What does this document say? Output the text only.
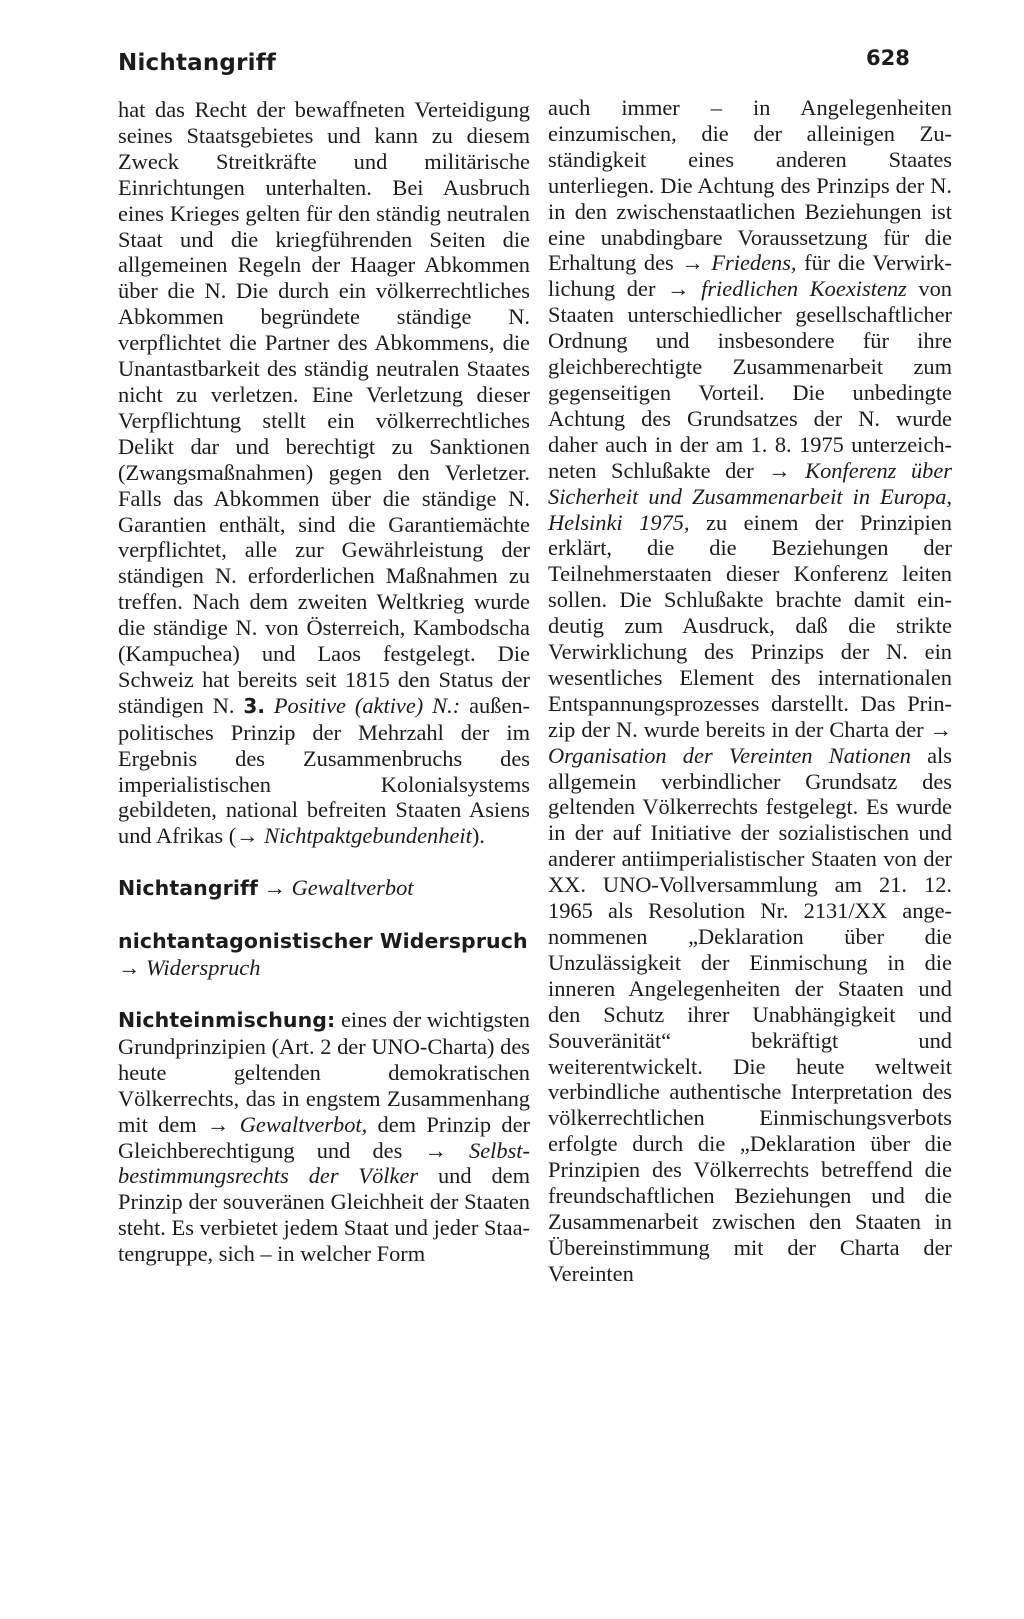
Nichtangriff	628

hat das Recht der bewaffneten Verteidigung seines Staatsgebietes und kann zu diesem Zweck Streitkräfte und militärische Einrichtungen unterhalten. Bei Ausbruch eines Krieges gelten für den ständig neutralen Staat und die kriegführenden Seiten die allgemeinen Regeln der Haager Abkommen über die N. Die durch ein völkerrechtliches Abkommen begründete ständige N. verpflichtet die Partner des Abkommens, die Unantastbarkeit des ständig neutralen Staates nicht zu verletzen. Eine Verletzung dieser Verpflichtung stellt ein völkerrechtliches Delikt dar und berechtigt zu Sanktionen (Zwangsmaßnahmen) gegen den Verletzer. Falls das Abkommen über die ständige N. Garantien enthält, sind die Garantiemächte verpflichtet, alle zur Gewährleistung der ständigen N. erforderlichen Maßnahmen zu treffen. Nach dem zweiten Weltkrieg wurde die ständige N. von Österreich, Kambodscha (Kampuchea) und Laos festgelegt. Die Schweiz hat bereits seit 1815 den Status der ständigen N. 3. Positive (aktive) N.: außenpolitisches Prinzip der Mehrzahl der im Ergebnis des Zusammenbruchs des imperialistischen Kolonialsystems gebildeten, national befreiten Staaten Asiens und Afrikas (→ Nichtpaktgebundenheit).

Nichtangriff → Gewaltverbot

nichtantagonistischer Widerspruch
→ Widerspruch

Nichteinmischung: eines der wichtigsten Grundprinzipien (Art. 2 der UNO-Charta) des heute geltenden demokratischen Völkerrechts, das in engstem Zusammenhang mit dem → Gewaltverbot, dem Prinzip der Gleichberechtigung und des → Selbstbestimmungsrechts der Völker und dem Prinzip der souveränen Gleichheit der Staaten steht. Es verbietet jedem Staat und jeder Staatengruppe, sich – in welcher Form

auch immer – in Angelegenheiten einzumischen, die der alleinigen Zuständigkeit eines anderen Staates unterliegen. Die Achtung des Prinzips der N. in den zwischenstaatlichen Beziehungen ist eine unabdingbare Voraussetzung für die Erhaltung des → Friedens, für die Verwirklichung der → friedlichen Koexistenz von Staaten unterschiedlicher gesellschaftlicher Ordnung und insbesondere für ihre gleichberechtigte Zusammenarbeit zum gegenseitigen Vorteil. Die unbedingte Achtung des Grundsatzes der N. wurde daher auch in der am 1. 8. 1975 unterzeichneten Schlußakte der → Konferenz über Sicherheit und Zusammenarbeit in Europa, Helsinki 1975, zu einem der Prinzipien erklärt, die die Beziehungen der Teilnehmerstaaten dieser Konferenz leiten sollen. Die Schlußakte brachte damit eindeutig zum Ausdruck, daß die strikte Verwirklichung des Prinzips der N. ein wesentliches Element des internationalen Entspannungsprozesses darstellt. Das Prinzip der N. wurde bereits in der Charta der → Organisation der Vereinten Nationen als allgemein verbindlicher Grundsatz des geltenden Völkerrechts festgelegt. Es wurde in der auf Initiative der sozialistischen und anderer antiimperialistischer Staaten von der XX. UNO-Vollversammlung am 21. 12. 1965 als Resolution Nr. 2131/XX angenommenen „Deklaration über die Unzulässigkeit der Einmischung in die inneren Angelegenheiten der Staaten und den Schutz ihrer Unabhängigkeit und Souveränität“ bekräftigt und weiterentwickelt. Die heute weltweit verbindliche authentische Interpretation des völkerrechtlichen Einmischungsverbots erfolgte durch die „Deklaration über die Prinzipien des Völkerrechts betreffend die freundschaftlichen Beziehungen und die Zusammenarbeit zwischen den Staaten in Übereinstimmung mit der Charta der Vereinten
